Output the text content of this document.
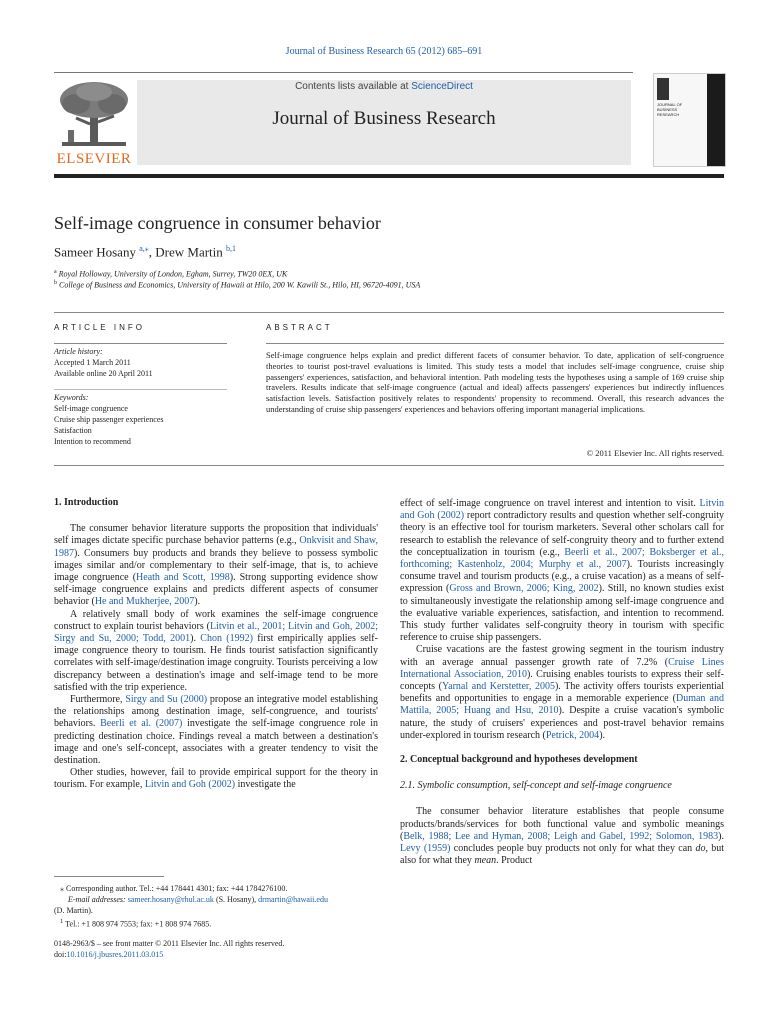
Journal of Business Research 65 (2012) 685–691
ELSEVIER
Contents lists available at ScienceDirect
Journal of Business Research
JOURNAL OF BUSINESS RESEARCH
Self-image congruence in consumer behavior
Sameer Hosany $^{a,⁎}$, Drew Martin $^{b,1}$
$^a$ Royal Holloway, University of London, Egham, Surrey, TW20 0EX, UK
$^b$ College of Business and Economics, University of Hawaii at Hilo, 200 W. Kawili St., Hilo, HI, 96720-4091, USA
ARTICLE INFO
Article history:
Accepted 1 March 2011
Available online 20 April 2011
Keywords:
Self-image congruence
Cruise ship passenger experiences
Satisfaction
Intention to recommend
ABSTRACT
Self-image congruence helps explain and predict different facets of consumer behavior. To date, application of self-congruence theories to tourist post-travel evaluations is limited. This study tests a model that includes self-image congruence, cruise ship passengers' experiences, satisfaction, and behavioral intention. Path modeling tests the hypotheses using a sample of 169 cruise ship travelers. Results indicate that self-image congruence (actual and ideal) affects passengers' experiences but indirectly influences satisfaction levels. Satisfaction positively relates to respondents' propensity to recommend. Overall, this research advances the understanding of cruise ship passengers' experiences and behaviors offering important managerial implications.
© 2011 Elsevier Inc. All rights reserved.
1. Introduction

The consumer behavior literature supports the proposition that individuals' self images dictate specific purchase behavior patterns (e.g., Onkvisit and Shaw, 1987). Consumers buy products and brands they believe to possess symbolic images similar and/or complementary to their self-image, that is, to achieve image congruence (Heath and Scott, 1998). Strong supporting evidence show self-image congruence explains and predicts different aspects of consumer behavior (He and Mukherjee, 2007).

A relatively small body of work examines the self-image congruence construct to explain tourist behaviors (Litvin et al., 2001; Litvin and Goh, 2002; Sirgy and Su, 2000; Todd, 2001). Chon (1992) first empirically applies self-image congruence theory to tourism. He finds tourist satisfaction significantly correlates with self-image/destination image congruity. Tourists perceiving a low discrepancy between a destination's image and self-image tend to be more satisfied with the trip experience.

Furthermore, Sirgy and Su (2000) propose an integrative model establishing the relationships among destination image, self-congruence, and tourists' behaviors. Beerli et al. (2007) investigate the self-image congruence role in predicting destination choice. Findings reveal a match between a destination's image and one's self-concept, associates with a greater tendency to visit the destination.

Other studies, however, fail to provide empirical support for the theory in tourism. For example, Litvin and Goh (2002) investigate the

⁎ Corresponding author. Tel.: +44 178441 4301; fax: +44 1784276100.
E-mail addresses: sameer.hosany@rhul.ac.uk (S. Hosany), drmartin@hawaii.edu
(D. Martin).
$^1$ Tel.: +1 808 974 7553; fax: +1 808 974 7685.
0148-2963/$ – see front matter © 2011 Elsevier Inc. All rights reserved.
doi:10.1016/j.jbusres.2011.03.015

effect of self-image congruence on travel interest and intention to visit. Litvin and Goh (2002) report contradictory results and question whether self-congruity theory is an effective tool for tourism marketers. Several other scholars call for research to establish the relevance of self-congruity theory and to further extend the conceptualization in tourism (e.g., Beerli et al., 2007; Boksberger et al., forthcoming; Kastenholz, 2004; Murphy et al., 2007). Tourists increasingly consume travel and tourism products (e.g., a cruise vacation) as a means of self-expression (Gross and Brown, 2006; King, 2002). Still, no known studies exist to simultaneously investigate the relationship among self-image congruence and the evaluative variable experiences, satisfaction, and intention to recommend. This study further validates self-congruity theory in tourism with specific reference to cruise ship passengers.

Cruise vacations are the fastest growing segment in the tourism industry with an average annual passenger growth rate of 7.2% (Cruise Lines International Association, 2010). Cruising enables tourists to express their self-concepts (Yarnal and Kerstetter, 2005). The activity offers tourists experiential benefits and opportunities to engage in a memorable experience (Duman and Mattila, 2005; Huang and Hsu, 2010). Despite a cruise vacation's symbolic nature, the study of cruisers' experiences and post-travel behavior remains under-explored in tourism research (Petrick, 2004).

2. Conceptual background and hypotheses development
2.1. Symbolic consumption, self-concept and self-image congruence

The consumer behavior literature establishes that people consume products/brands/services for both functional value and symbolic meanings (Belk, 1988; Lee and Hyman, 2008; Leigh and Gabel, 1992; Solomon, 1983). Levy (1959) concludes people buy products not only for what they can do, but also for what they mean. Product
